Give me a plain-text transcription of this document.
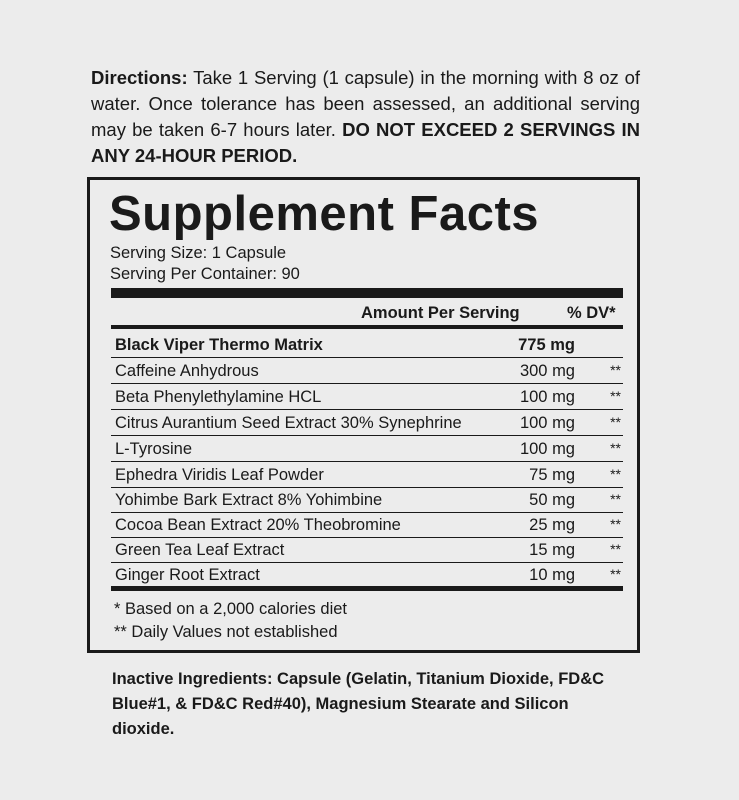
Directions: Take 1 Serving (1 capsule) in the morning with 8 oz of water. Once tolerance has been assessed, an additional serving may be taken 6-7 hours later. DO NOT EXCEED 2 SERVINGS IN ANY 24-HOUR PERIOD.
Supplement Facts
Serving Size: 1 Capsule
Serving Per Container: 90
Amount Per Serving	% DV*
Black Viper Thermo Matrix	775 mg
Caffeine Anhydrous	300 mg	**
Beta Phenylethylamine HCL	100 mg	**
Citrus Aurantium Seed Extract 30% Synephrine	100 mg	**
L-Tyrosine	100 mg	**
Ephedra Viridis Leaf Powder	75 mg	**
Yohimbe Bark Extract 8% Yohimbine	50 mg	**
Cocoa Bean Extract 20% Theobromine	25 mg	**
Green Tea Leaf Extract	15 mg	**
Ginger Root Extract	10 mg	**
* Based on a 2,000 calories diet
** Daily Values not established
Inactive Ingredients: Capsule (Gelatin, Titanium Dioxide, FD&C Blue#1, & FD&C Red#40), Magnesium Stearate and Silicon dioxide.
